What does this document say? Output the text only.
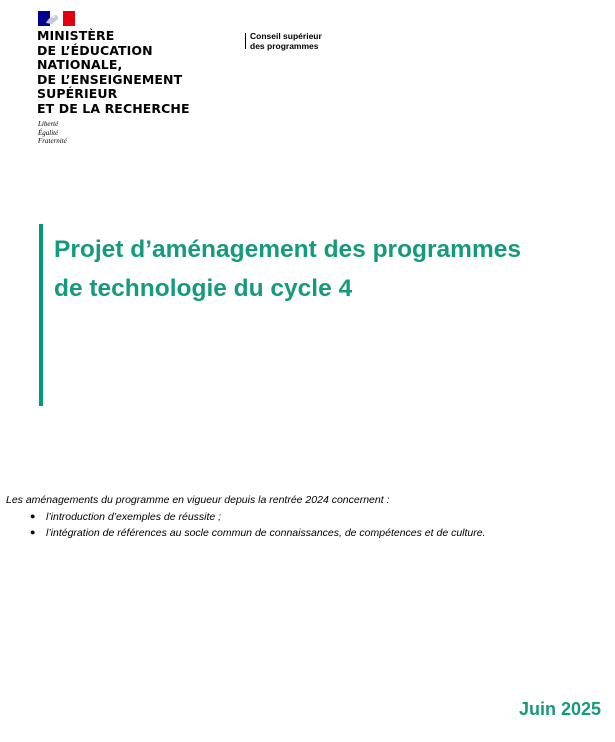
MINISTÈRE
DE L’ÉDUCATION
NATIONALE,
DE L’ENSEIGNEMENT
SUPÉRIEUR
ET DE LA RECHERCHE
Liberté
Égalité
Fraternité
Conseil supérieur
des programmes
Projet d’aménagement des programmes
de technologie du cycle 4
Les aménagements du programme en vigueur depuis la rentrée 2024 concernent :
● l’introduction d’exemples de réussite ;
● l’intégration de références au socle commun de connaissances, de compétences et de culture.
Juin 2025
